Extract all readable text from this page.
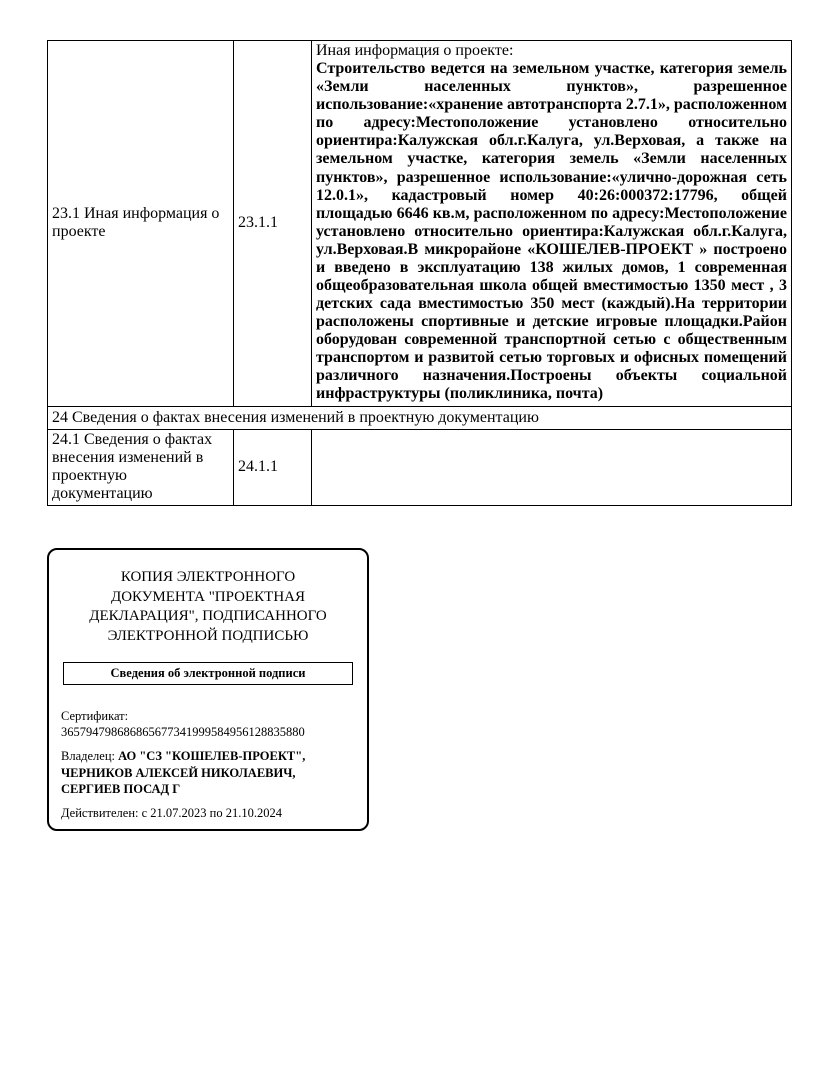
23.1 Иная информация о проекте	23.1.1	Иная информация о проекте:
Строительство ведется на земельном участке, категория земель «Земли населенных пунктов», разрешенное использование:«хранение автотранспорта 2.7.1», расположенном по адресу:Местоположение установлено относительно ориентира:Калужская обл.г.Калуга, ул.Верховая, а также на земельном участке, категория земель «Земли населенных пунктов», разрешенное использование:«улично-дорожная сеть 12.0.1», кадастровый номер 40:26:000372:17796, общей площадью 6646 кв.м, расположенном по адресу:Местоположение установлено относительно ориентира:Калужская обл.г.Калуга, ул.Верховая.В микрорайоне «КОШЕЛЕВ-ПРОЕКТ » построено и введено в эксплуатацию 138 жилых домов, 1 современная общеобразовательная школа общей вместимостью 1350 мест , 3 детских сада вместимостью 350 мест (каждый).На территории расположены спортивные и детские игровые площадки.Район оборудован современной транспортной сетью с общественным транспортом и развитой сетью торговых и офисных помещений различного назначения.Построены объекты социальной инфраструктуры (поликлиника, почта)

24 Сведения о фактах внесения изменений в проектную документацию		
24.1 Сведения о фактах внесения изменений в проектную документацию	24.1.1	
КОПИЯ ЭЛЕКТРОННОГО ДОКУМЕНТА "ПРОЕКТНАЯ ДЕКЛАРАЦИЯ", ПОДПИСАННОГО ЭЛЕКТРОННОЙ ПОДПИСЬЮ
Сведения об электронной подписи
Сертификат:
365794798686865677341999584956128835880
Владелец: АО "СЗ "КОШЕЛЕВ-ПРОЕКТ", ЧЕРНИКОВ АЛЕКСЕЙ НИКОЛАЕВИЧ, СЕРГИЕВ ПОСАД Г
Действителен: с 21.07.2023 по 21.10.2024
